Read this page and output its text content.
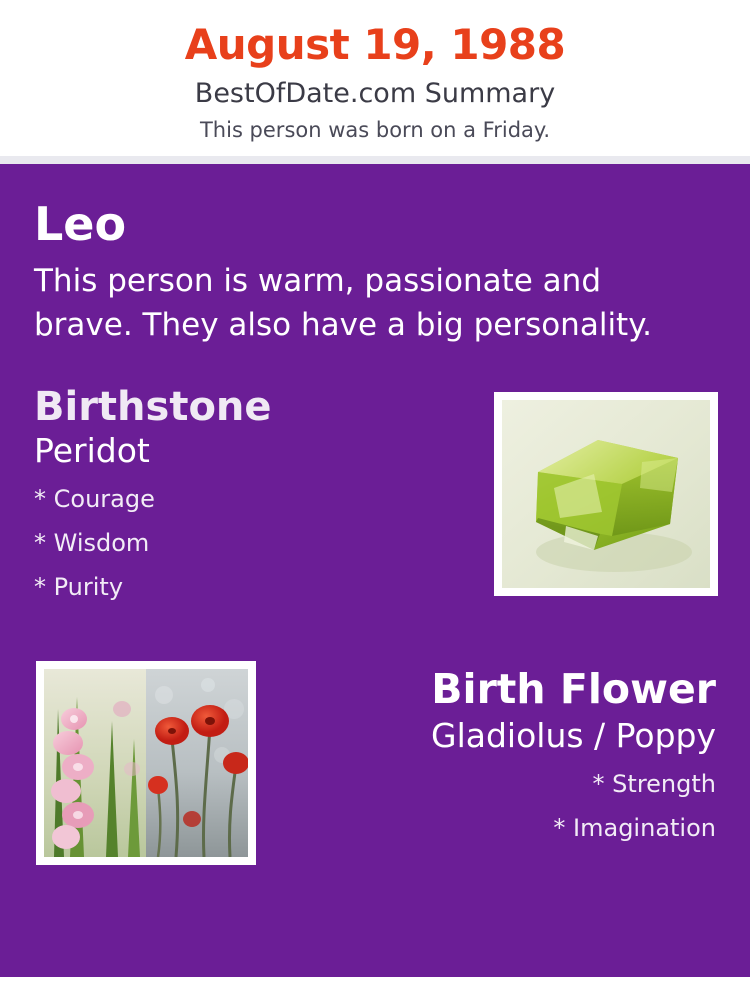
August 19, 1988
BestOfDate.com Summary
This person was born on a Friday.
Leo
This person is warm, passionate and brave. They also have a big personality.
Birthstone
Peridot
* Courage
* Wisdom
* Purity
Birth Flower
Gladiolus / Poppy
* Strength
* Imagination
